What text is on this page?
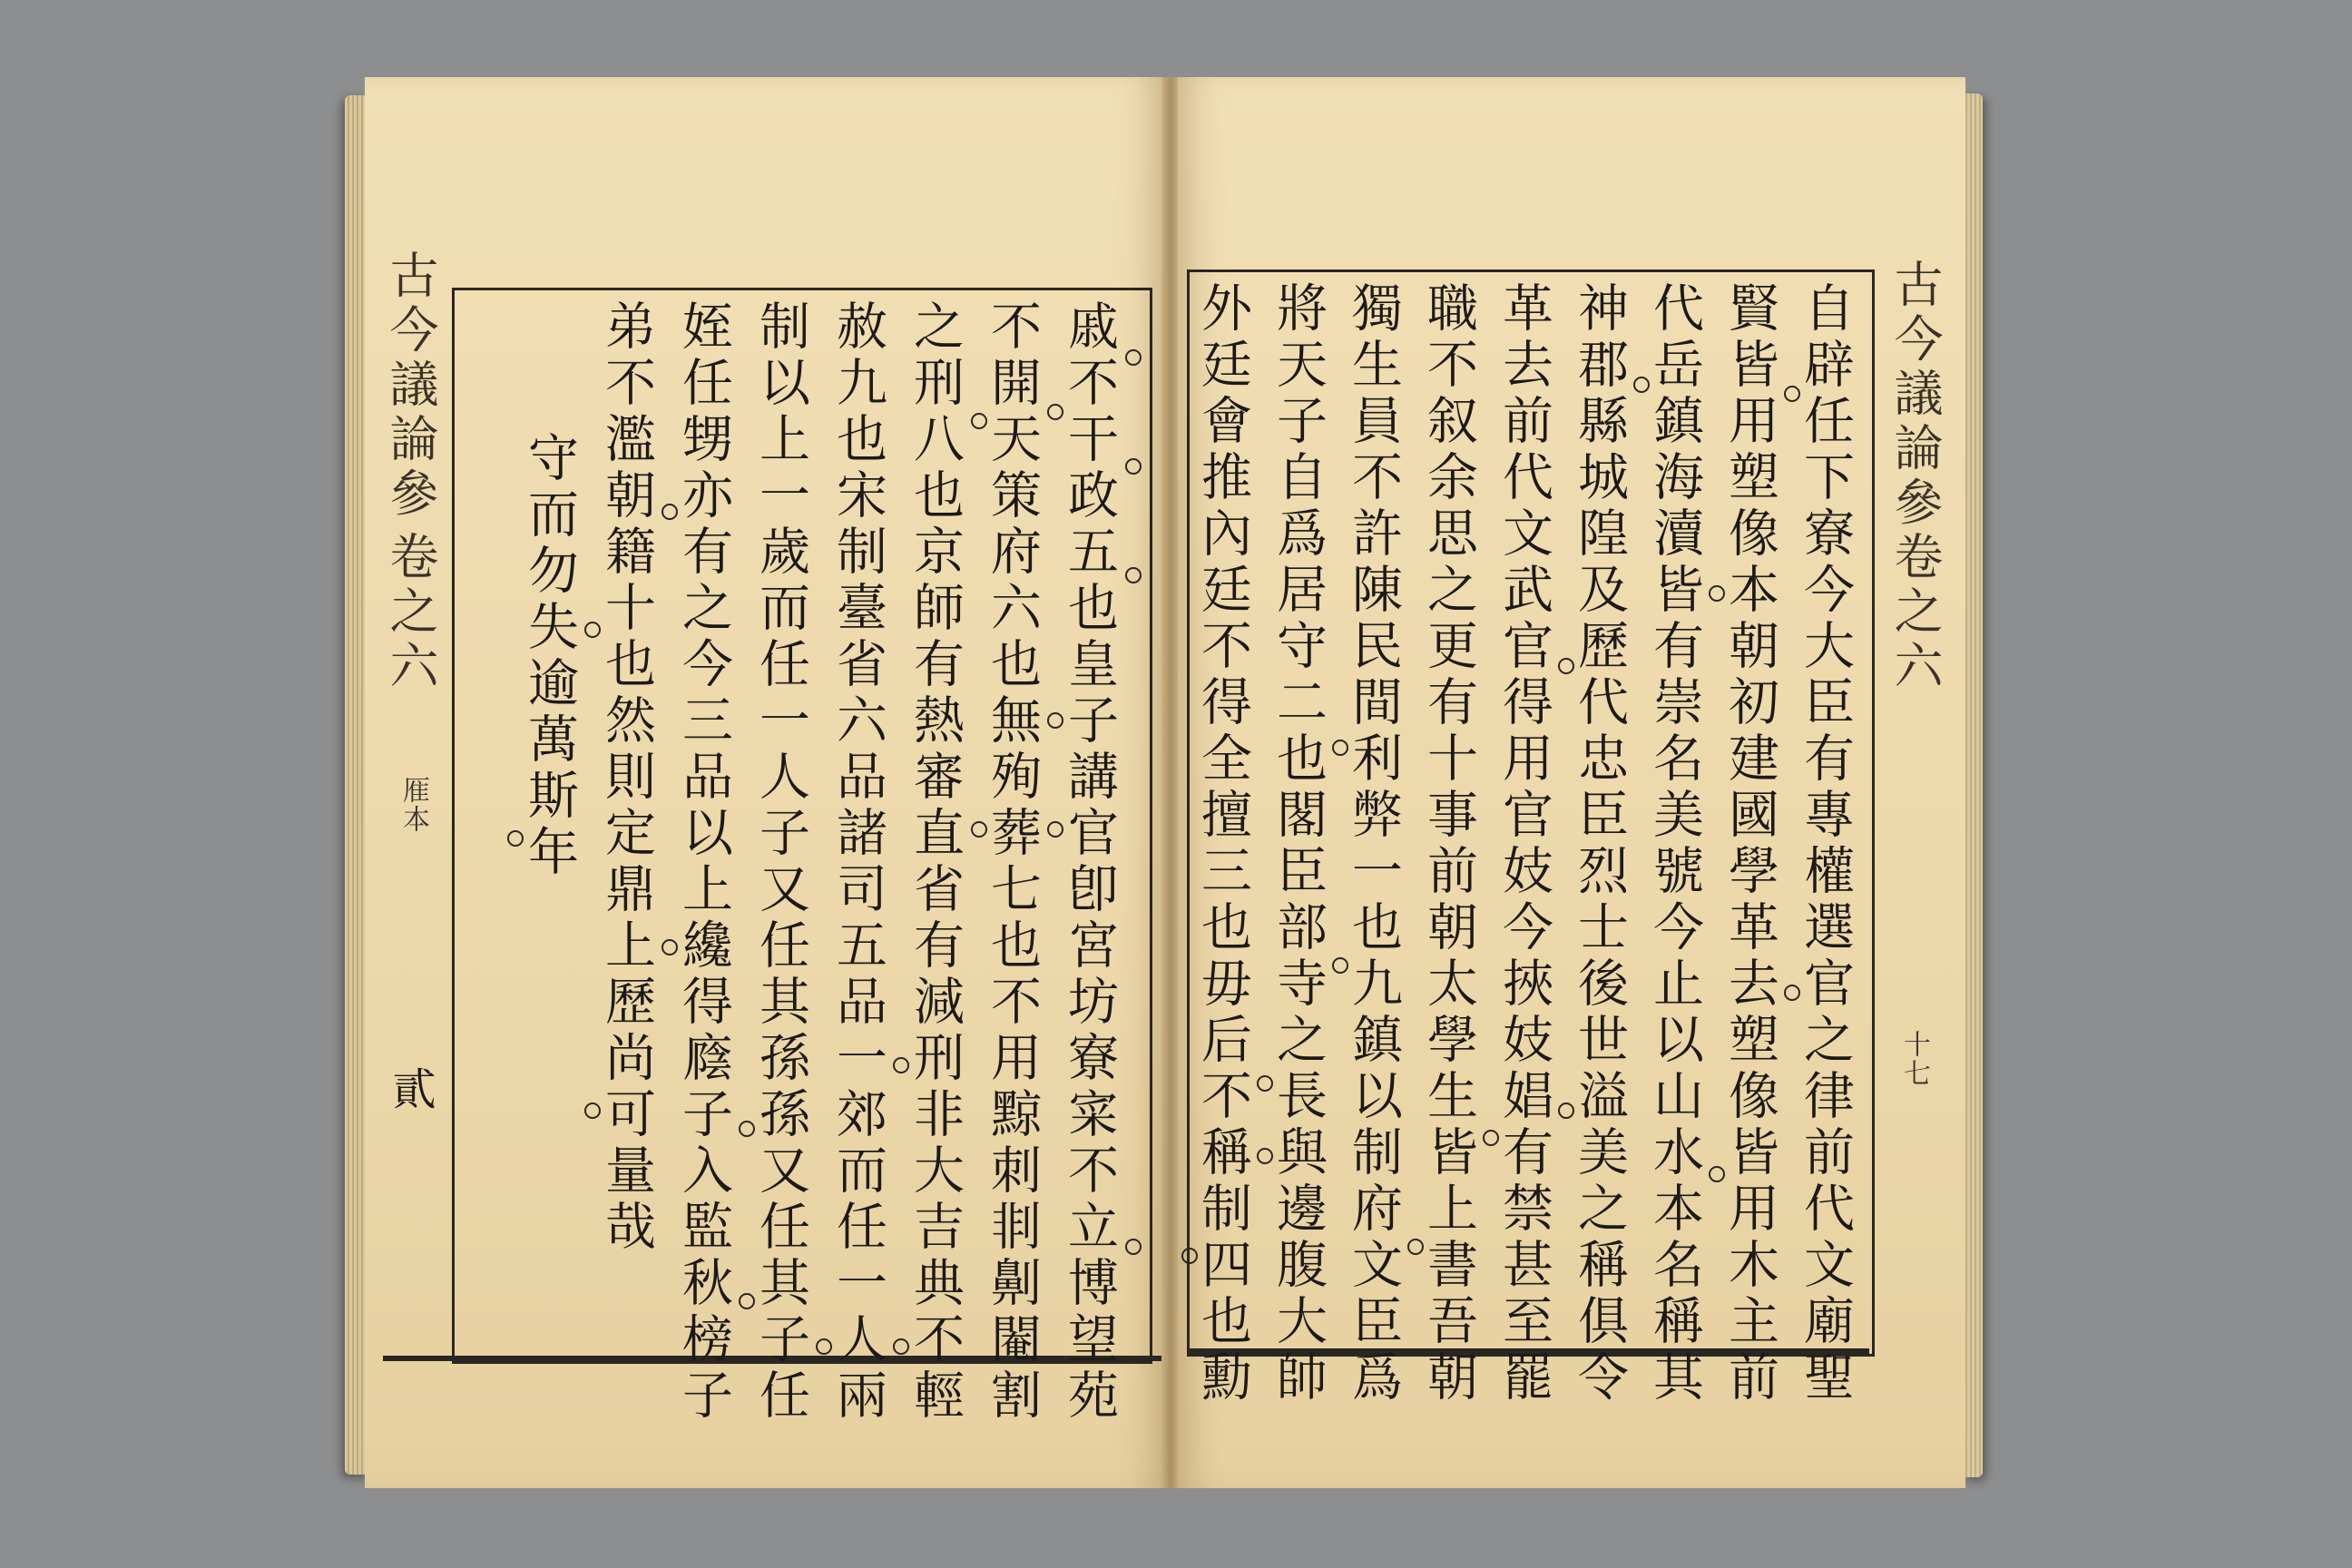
古今議論參
卷之六
㕍本
貳	戚不干政五也皇子講官卽宮坊寮寀不立博望苑
不開天策府六也無殉葬七也不用黥刺剕劓閹割
之刑八也京師有熱審直省有減刑非大吉典不輕
赦九也宋制臺省六品諸司五品一郊而任一人兩
制以上一歲而任一人子又任其孫孫又任其子任
姪任甥亦有之今三品以上纔得廕子入監秋榜子
弟不濫朝籍十也然則定鼎上歷尚可量哉
守而勿失逾萬斯年
古今議論參
卷之六
十七
自辟任下寮今大臣有專權選官之律前代文廟聖
賢皆用塑像本朝初建國學革去塑像皆用木主前
代岳鎮海瀆皆有崇名美號今止以山水本名稱其
神郡縣城隍及歷代忠臣烈士後世溢美之稱俱令
革去前代文武官得用官妓今挾妓娼有禁甚至罷
職不叙余思之更有十事前朝太學生皆上書吾朝
獨生員不許陳民間利弊一也九鎮以制府文臣爲
將天子自爲居守二也閣臣部寺之長與邊腹大帥
外廷會推內廷不得全擅三也毋后不稱制四也勳
